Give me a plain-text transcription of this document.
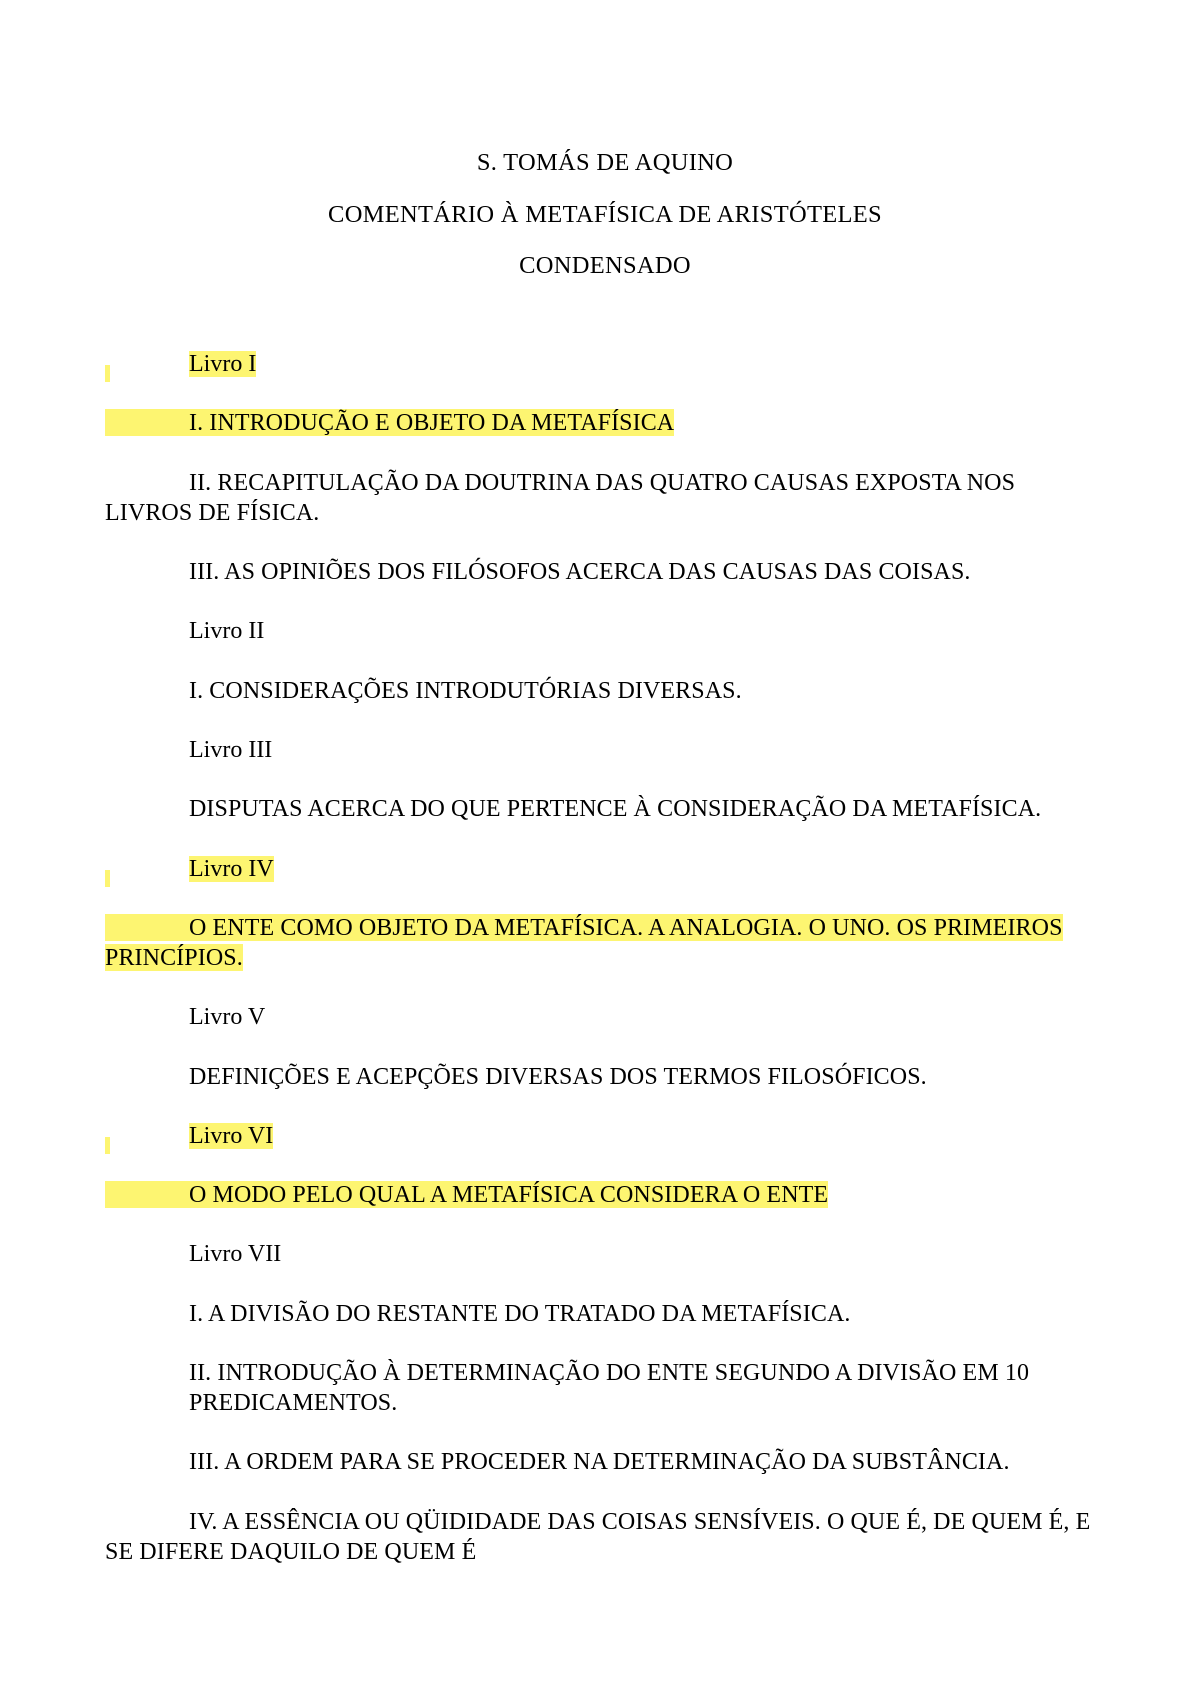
S. TOMÁS DE AQUINO
COMENTÁRIO À METAFÍSICA DE ARISTÓTELES
CONDENSADO
Livro I
I. INTRODUÇÃO E OBJETO DA METAFÍSICA
II. RECAPITULAÇÃO DA DOUTRINA DAS QUATRO CAUSAS EXPOSTA NOS LIVROS DE FÍSICA.
III. AS OPINIÕES DOS FILÓSOFOS ACERCA DAS CAUSAS DAS COISAS.
Livro II
I. CONSIDERAÇÕES INTRODUTÓRIAS DIVERSAS.
Livro III
DISPUTAS ACERCA DO QUE PERTENCE À CONSIDERAÇÃO DA METAFÍSICA.
Livro IV
O ENTE COMO OBJETO DA METAFÍSICA. A ANALOGIA. O UNO. OS PRIMEIROS PRINCÍPIOS.
Livro V
DEFINIÇÕES E ACEPÇÕES DIVERSAS DOS TERMOS FILOSÓFICOS.
Livro VI
O MODO PELO QUAL A METAFÍSICA CONSIDERA O ENTE
Livro VII
I. A DIVISÃO DO RESTANTE DO TRATADO DA METAFÍSICA.
II. INTRODUÇÃO À DETERMINAÇÃO DO ENTE SEGUNDO A DIVISÃO EM 10 PREDICAMENTOS.
III. A ORDEM PARA SE PROCEDER NA DETERMINAÇÃO DA SUBSTÂNCIA.
IV. A ESSÊNCIA OU QÜIDIDADE DAS COISAS SENSÍVEIS. O QUE É, DE QUEM É, E SE DIFERE DAQUILO DE QUEM É
